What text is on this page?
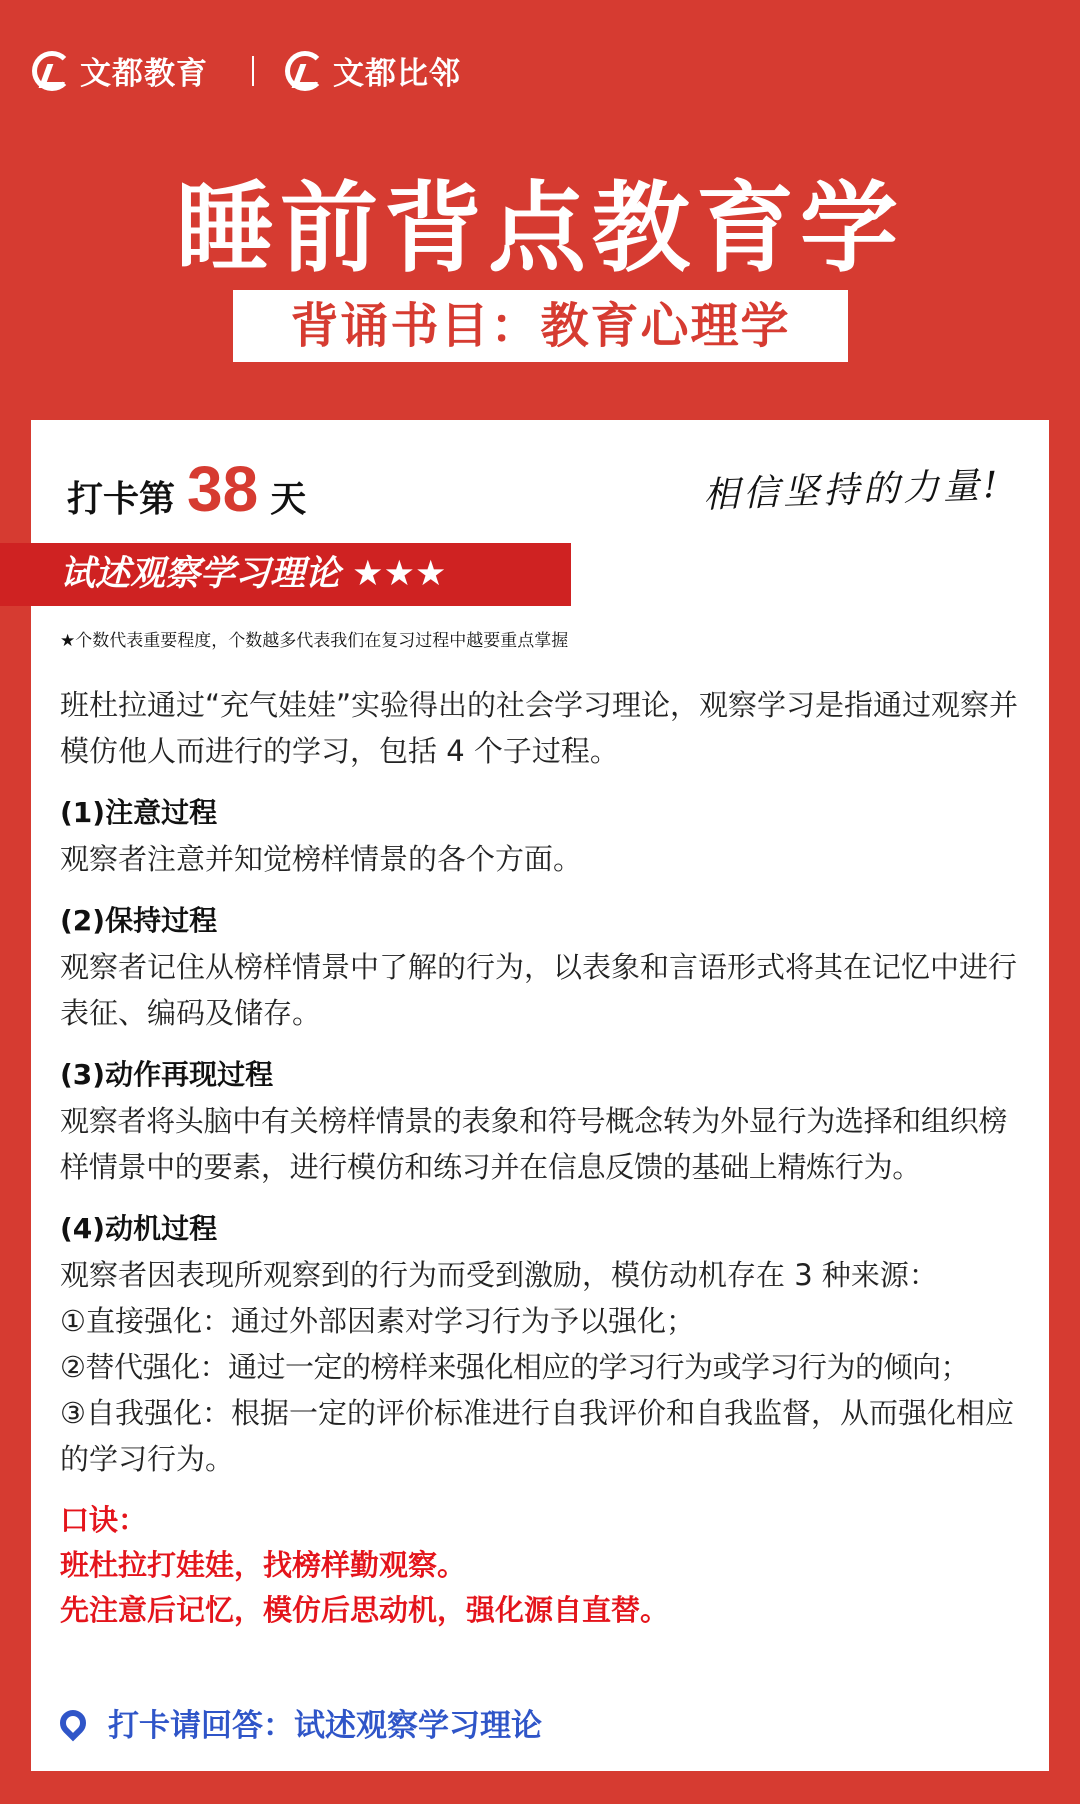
文都教育	文都比邻
睡前背点教育学
背诵书目：教育心理学
打卡第 38 天	相信坚持的力量!
试述观察学习理论 ★★★
★个数代表重要程度，个数越多代表我们在复习过程中越要重点掌握

班杜拉通过“充气娃娃”实验得出的社会学习理论，观察学习是指通过观察并模仿他人而进行的学习，包括 4 个子过程。

(1)注意过程

观察者注意并知觉榜样情景的各个方面。

(2)保持过程

观察者记住从榜样情景中了解的行为，以表象和言语形式将其在记忆中进行表征、编码及储存。

(3)动作再现过程

观察者将头脑中有关榜样情景的表象和符号概念转为外显行为选择和组织榜样情景中的要素，进行模仿和练习并在信息反馈的基础上精炼行为。

(4)动机过程

观察者因表现所观察到的行为而受到激励，模仿动机存在 3 种来源：

①直接强化：通过外部因素对学习行为予以强化；

②替代强化：通过一定的榜样来强化相应的学习行为或学习行为的倾向；

③自我强化：根据一定的评价标准进行自我评价和自我监督，从而强化相应的学习行为。

口诀：

班杜拉打娃娃，找榜样勤观察。

先注意后记忆，模仿后思动机，强化源自直替。

打卡请回答：试述观察学习理论
